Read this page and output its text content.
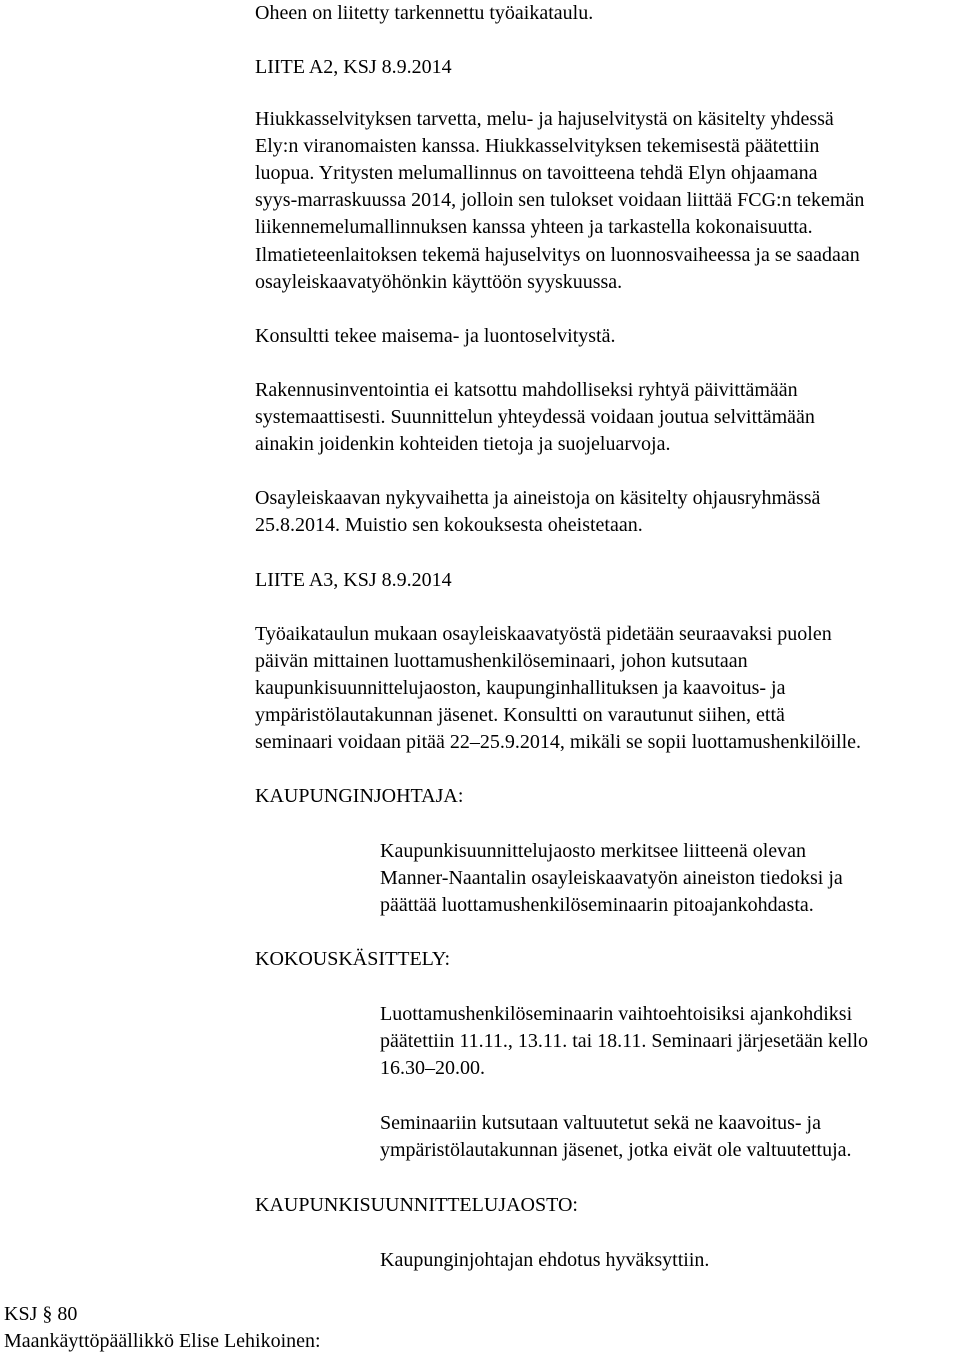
Oheen on liitetty tarkennettu työaikataulu.
LIITE A2, KSJ 8.9.2014
Hiukkasselvityksen tarvetta, melu- ja hajuselvitystä on käsitelty yhdessä
Ely:n viranomaisten kanssa. Hiukkasselvityksen tekemisestä päätettiin
luopua. Yritysten melumallinnus on tavoitteena tehdä Elyn ohjaamana
syys-marraskuussa 2014, jolloin sen tulokset voidaan liittää FCG:n tekemän
liikennemelumallinnuksen kanssa yhteen ja tarkastella kokonaisuutta.
Ilmatieteenlaitoksen tekemä hajuselvitys on luonnosvaiheessa ja se saadaan
osayleiskaavatyöhönkin käyttöön syyskuussa.
Konsultti tekee maisema- ja luontoselvitystä.
Rakennusinventointia ei katsottu mahdolliseksi ryhtyä päivittämään
systemaattisesti. Suunnittelun yhteydessä voidaan joutua selvittämään
ainakin joidenkin kohteiden tietoja ja suojeluarvoja.
Osayleiskaavan nykyvaihetta ja aineistoja on käsitelty ohjausryhmässä
25.8.2014. Muistio sen kokouksesta oheistetaan.
LIITE A3, KSJ 8.9.2014
Työaikataulun mukaan osayleiskaavatyöstä pidetään seuraavaksi puolen
päivän mittainen luottamushenkilöseminaari, johon kutsutaan
kaupunkisuunnittelujaoston, kaupunginhallituksen ja kaavoitus- ja
ympäristölautakunnan jäsenet. Konsultti on varautunut siihen, että
seminaari voidaan pitää 22–25.9.2014, mikäli se sopii luottamushenkilöille.
KAUPUNGINJOHTAJA:
Kaupunkisuunnittelujaosto merkitsee liitteenä olevan
Manner-Naantalin osayleiskaavatyön aineiston tiedoksi ja
päättää luottamushenkilöseminaarin pitoajankohdasta.
KOKOUSKÄSITTELY:
Luottamushenkilöseminaarin vaihtoehtoisiksi ajankohdiksi
päätettiin 11.11., 13.11. tai 18.11. Seminaari järjesetään kello
16.30–20.00.
Seminaariin kutsutaan valtuutetut sekä ne kaavoitus- ja
ympäristölautakunnan jäsenet, jotka eivät ole valtuutettuja.
KAUPUNKISUUNNITTELUJAOSTO:
Kaupunginjohtajan ehdotus hyväksyttiin.
KSJ § 80
Maankäyttöpäällikkö Elise Lehikoinen:
